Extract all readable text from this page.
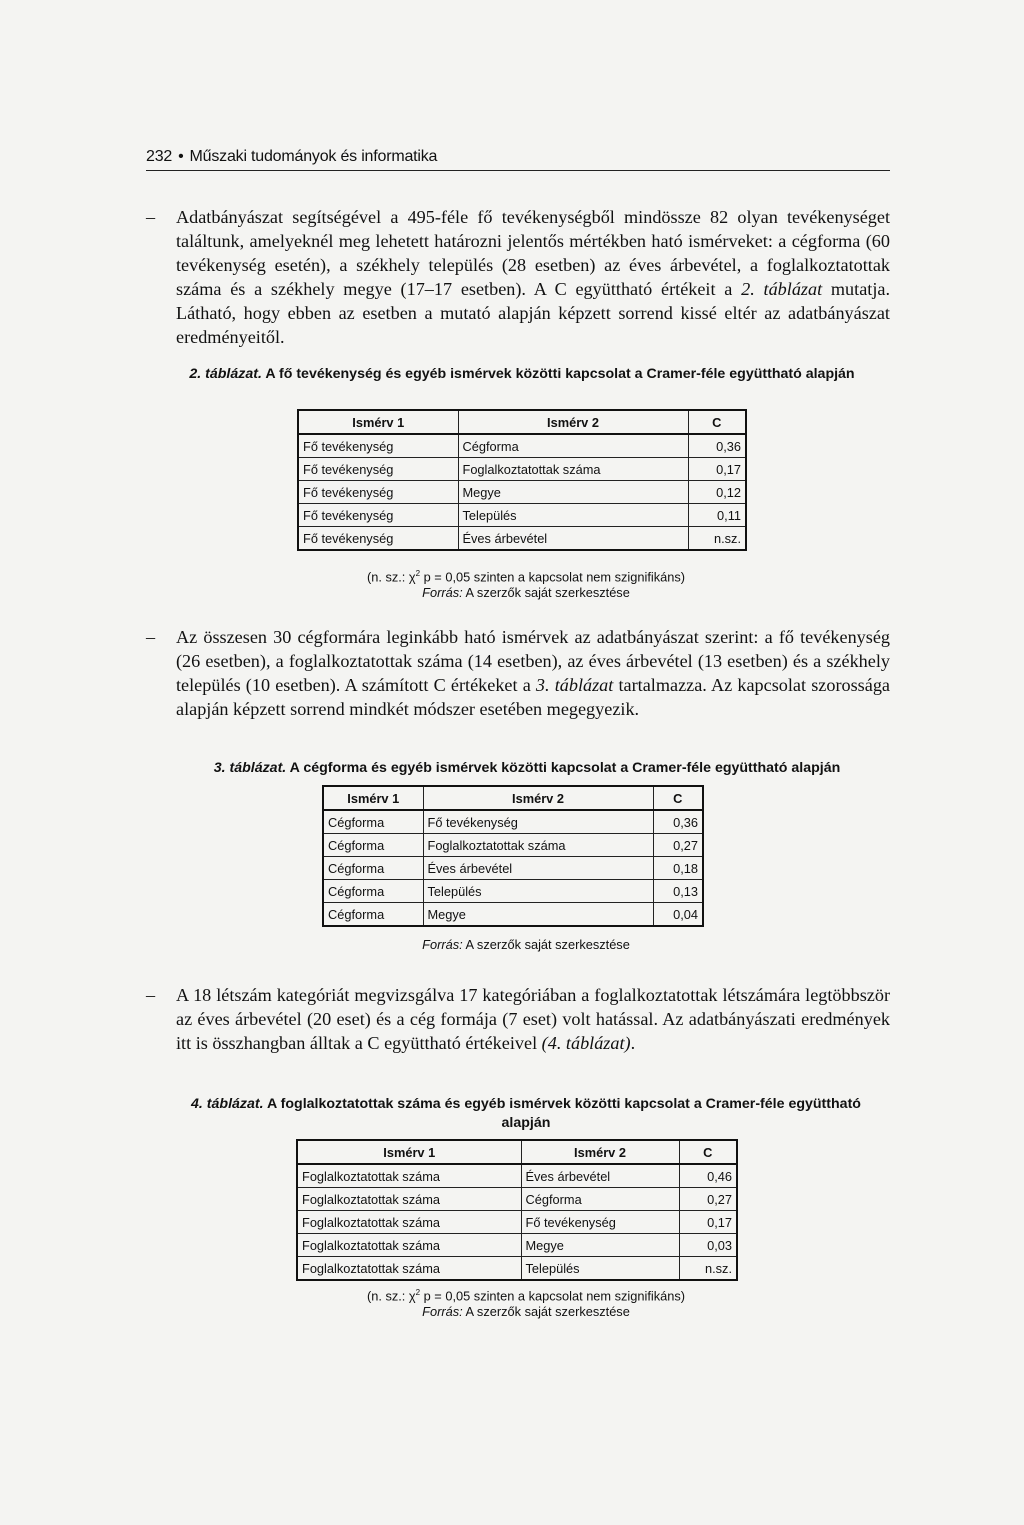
232 • Műszaki tudományok és informatika
– Adatbányászat segítségével a 495-féle fő tevékenységből mindössze 82 olyan tevékenységet találtunk, amelyeknél meg lehetett határozni jelentős mértékben ható ismérveket: a cégforma (60 tevékenység esetén), a székhely település (28 esetben) az éves árbevétel, a foglalkoztatottak száma és a székhely megye (17–17 esetben). A C együttható értékeit a 2. táblázat mutatja. Látható, hogy ebben az esetben a mutató alapján képzett sorrend kissé eltér az adatbányászat eredményeitől.
2. táblázat. A fő tevékenység és egyéb ismérvek közötti kapcsolat a Cramer-féle együttható alapján
Ismérv 1	Ismérv 2	C
Fő tevékenység	Cégforma	0,36
Fő tevékenység	Foglalkoztatottak száma	0,17
Fő tevékenység	Megye	0,12
Fő tevékenység	Település	0,11
Fő tevékenység	Éves árbevétel	n.sz.
(n. sz.: $\chi^2$ p = 0,05 szinten a kapcsolat nem szignifikáns)
Forrás: A szerzők saját szerkesztése
– Az összesen 30 cégformára leginkább ható ismérvek az adatbányászat szerint: a fő tevékenység (26 esetben), a foglalkoztatottak száma (14 esetben), az éves árbevétel (13 esetben) és a székhely település (10 esetben). A számított C értékeket a 3. táblázat tartalmazza. Az kapcsolat szorossága alapján képzett sorrend mindkét módszer esetében megegyezik.
3. táblázat. A cégforma és egyéb ismérvek közötti kapcsolat a Cramer-féle együttható alapján
Ismérv 1	Ismérv 2	C
Cégforma	Fő tevékenység	0,36
Cégforma	Foglalkoztatottak száma	0,27
Cégforma	Éves árbevétel	0,18
Cégforma	Település	0,13
Cégforma	Megye	0,04
Forrás: A szerzők saját szerkesztése
– A 18 létszám kategóriát megvizsgálva 17 kategóriában a foglalkoztatottak létszámára legtöbbször az éves árbevétel (20 eset) és a cég formája (7 eset) volt hatással. Az adatbányászati eredmények itt is összhangban álltak a C együttható értékeivel (4. táblázat).
4. táblázat. A foglalkoztatottak száma és egyéb ismérvek közötti kapcsolat a Cramer-féle együttható alapján
Ismérv 1	Ismérv 2	C
Foglalkoztatottak száma	Éves árbevétel	0,46
Foglalkoztatottak száma	Cégforma	0,27
Foglalkoztatottak száma	Fő tevékenység	0,17
Foglalkoztatottak száma	Megye	0,03
Foglalkoztatottak száma	Település	n.sz.
(n. sz.: $\chi^2$ p = 0,05 szinten a kapcsolat nem szignifikáns)
Forrás: A szerzők saját szerkesztése
